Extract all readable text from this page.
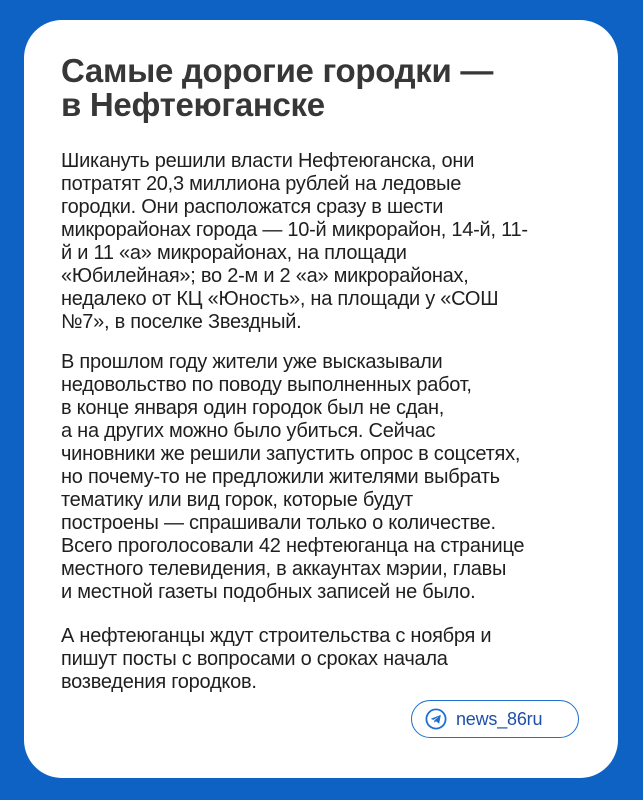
Самые дорогие городки —
в Нефтеюганске

Шикануть решили власти Нефтеюганска, они
потратят 20,3 миллиона рублей на ледовые
городки. Они расположатся сразу в шести
микрорайонах города — 10-й микрорайон, 14-й, 11-
й и 11 «а» микрорайонах, на площади
«Юбилейная»; во 2-м и 2 «а» микрорайонах,
недалеко от КЦ «Юность», на площади у «СОШ
№7», в поселке Звездный.

В прошлом году жители уже высказывали
недовольство по поводу выполненных работ,
в конце января один городок был не сдан,
а на других можно было убиться. Сейчас
чиновники же решили запустить опрос в соцсетях,
но почему-то не предложили жителями выбрать
тематику или вид горок, которые будут
построены — спрашивали только о количестве.
Всего проголосовали 42 нефтеюганца на странице
местного телевидения, в аккаунтах мэрии, главы
и местной газеты подобных записей не было.

А нефтеюганцы ждут строительства с ноября и
пишут посты с вопросами о сроках начала
возведения городков.

news_86ru
